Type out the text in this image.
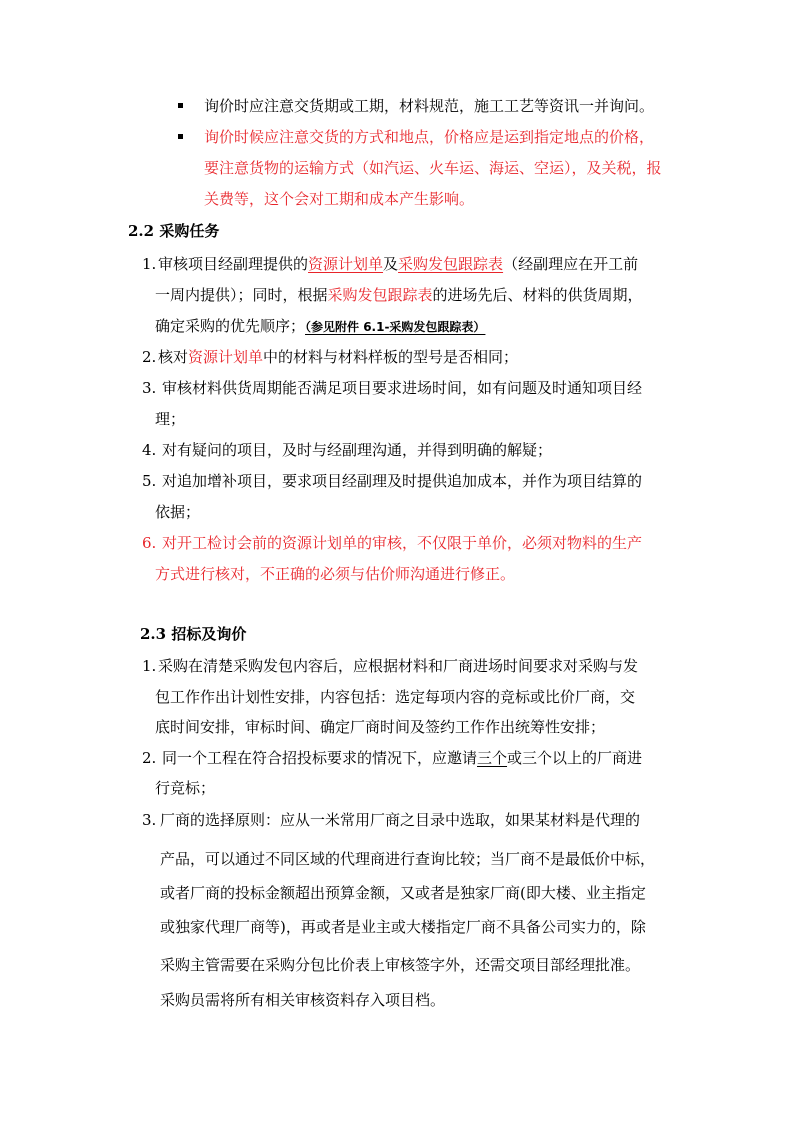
询价时应注意交货期或工期，材料规范，施工工艺等资讯一并询问。
询价时候应注意交货的方式和地点，价格应是运到指定地点的价格，
要注意货物的运输方式（如汽运、火车运、海运、空运），及关税，报
关费等，这个会对工期和成本产生影响。
2.2 采购任务
1. 审核项目经副理提供的资源计划单及采购发包跟踪表（经副理应在开工前
一周内提供）；同时，根据采购发包跟踪表的进场先后、材料的供货周期，
确定采购的优先顺序；（参见附件 6.1-采购发包跟踪表）
2. 核对资源计划单中的材料与材料样板的型号是否相同；
3. 审核材料供货周期能否满足项目要求进场时间，如有问题及时通知项目经
理；
4. 对有疑问的项目，及时与经副理沟通，并得到明确的解疑；
5. 对追加增补项目，要求项目经副理及时提供追加成本，并作为项目结算的
依据；
6. 对开工检讨会前的资源计划单的审核，不仅限于单价，必须对物料的生产
方式进行核对，不正确的必须与估价师沟通进行修正。
2.3 招标及询价
1. 采购在清楚采购发包内容后，应根据材料和厂商进场时间要求对采购与发
包工作作出计划性安排，内容包括：选定每项内容的竞标或比价厂商，交
底时间安排，审标时间、确定厂商时间及签约工作作出统筹性安排；
2. 同一个工程在符合招投标要求的情况下，应邀请三个或三个以上的厂商进
行竞标；
3. 厂商的选择原则：应从一米常用厂商之目录中选取，如果某材料是代理的
产品，可以通过不同区域的代理商进行查询比较；当厂商不是最低价中标，
或者厂商的投标金额超出预算金额，又或者是独家厂商(即大楼、业主指定
或独家代理厂商等)，再或者是业主或大楼指定厂商不具备公司实力的，除
采购主管需要在采购分包比价表上审核签字外，还需交项目部经理批准。
采购员需将所有相关审核资料存入项目档。
